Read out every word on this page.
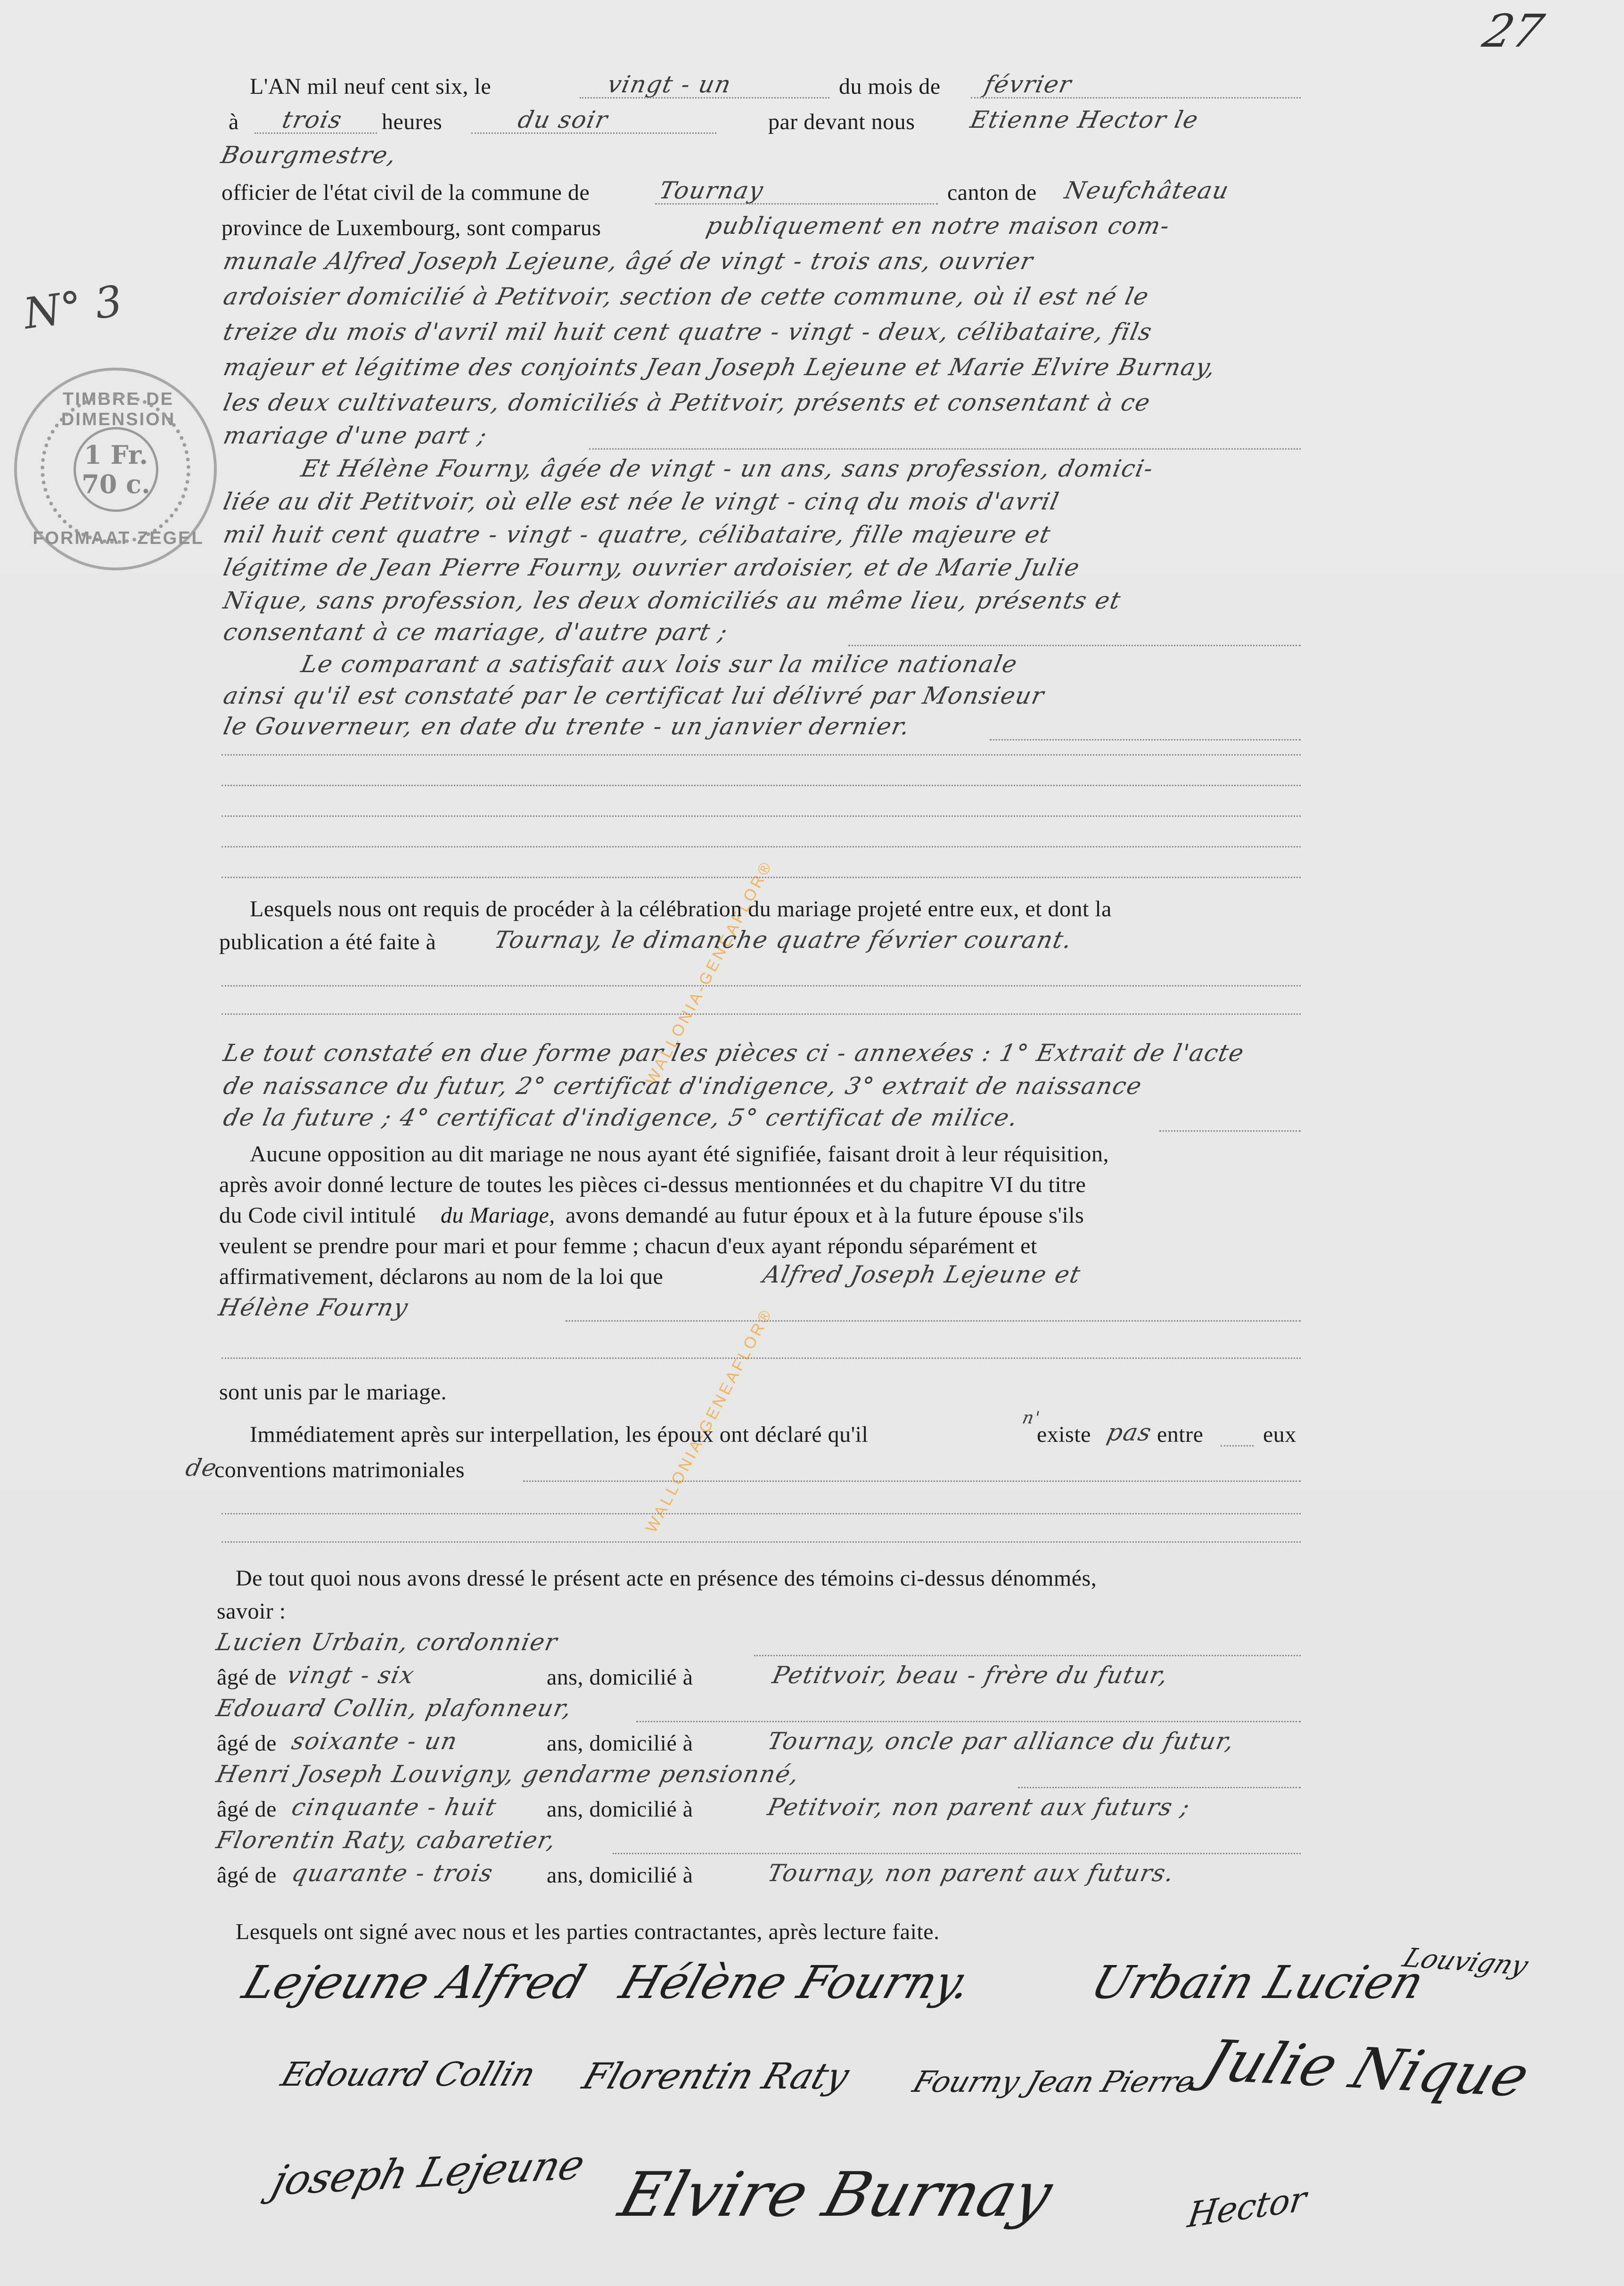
27
N° 3
TIMBRE DE DIMENSION
1 Fr.
70 c.
FORMAAT ZEGEL
WALLONIA-GENEAFLOR®
WALLONIA-GENEAFLOR®
L'AN mil neuf cent six, le	vingt - un	du mois de février
à trois heures	du soir	par devant nous Etienne Hector le
Bourgmestre,
officier de l'état civil de la commune de	Tournay	canton de Neufchâteau
province de Luxembourg, sont comparus	publiquement en notre maison com-
munale Alfred Joseph Lejeune, âgé de vingt - trois ans, ouvrier
ardoisier domicilié à Petitvoir, section de cette commune, où il est né le
treize du mois d'avril mil huit cent quatre - vingt - deux, célibataire, fils
majeur et légitime des conjoints Jean Joseph Lejeune et Marie Elvire Burnay,
les deux cultivateurs, domiciliés à Petitvoir, présents et consentant à ce
mariage d'une part ;
Et Hélène Fourny, âgée de vingt - un ans, sans profession, domici-
liée au dit Petitvoir, où elle est née le vingt - cinq du mois d'avril
mil huit cent quatre - vingt - quatre, célibataire, fille majeure et
légitime de Jean Pierre Fourny, ouvrier ardoisier, et de Marie Julie
Nique, sans profession, les deux domiciliés au même lieu, présents et
consentant à ce mariage, d'autre part ;
Le comparant a satisfait aux lois sur la milice nationale
ainsi qu'il est constaté par le certificat lui délivré par Monsieur
le Gouverneur, en date du trente - un janvier dernier.
Lesquels nous ont requis de procéder à la célébration du mariage projeté entre eux, et dont la
publication a été faite à Tournay, le dimanche quatre février courant.
Le tout constaté en due forme par les pièces ci - annexées : 1° Extrait de l'acte
de naissance du futur, 2° certificat d'indigence, 3° extrait de naissance
de la future ; 4° certificat d'indigence, 5° certificat de milice.
Aucune opposition au dit mariage ne nous ayant été signifiée, faisant droit à leur réquisition,
après avoir donné lecture de toutes les pièces ci-dessus mentionnées et du chapitre VI du titre
du Code civil intitulé du Mariage, avons demandé au futur époux et à la future épouse s'ils
veulent se prendre pour mari et pour femme ; chacun d'eux ayant répondu séparément et
affirmativement, déclarons au nom de la loi que	Alfred Joseph Lejeune et
Hélène Fourny
sont unis par le mariage.
Immédiatement après sur interpellation, les époux ont déclaré qu'il
n'
existe pas entre	eux
de
conventions matrimoniales
De tout quoi nous avons dressé le présent acte en présence des témoins ci-dessus dénommés,
savoir :
Lucien Urbain, cordonnier
âgé de vingt - six	ans, domicilié à	Petitvoir, beau - frère du futur,
Edouard Collin, plafonneur,
âgé de soixante - un	ans, domicilié à	Tournay, oncle par alliance du futur,
Henri Joseph Louvigny, gendarme pensionné,
âgé de cinquante - huit ans, domicilié à	Petitvoir, non parent aux futurs ;
Florentin Raty, cabaretier,
âgé de quarante - trois ans, domicilié à	Tournay, non parent aux futurs.
Lesquels ont signé avec nous et les parties contractantes, après lecture faite.
Lejeune Alfred Hélène Fourny. Urbain Lucien
Louvigny
Edouard Collin Florentin Raty Fourny Jean Pierre
Julie Nique
joseph Lejeune Elvire Burnay	Hector
